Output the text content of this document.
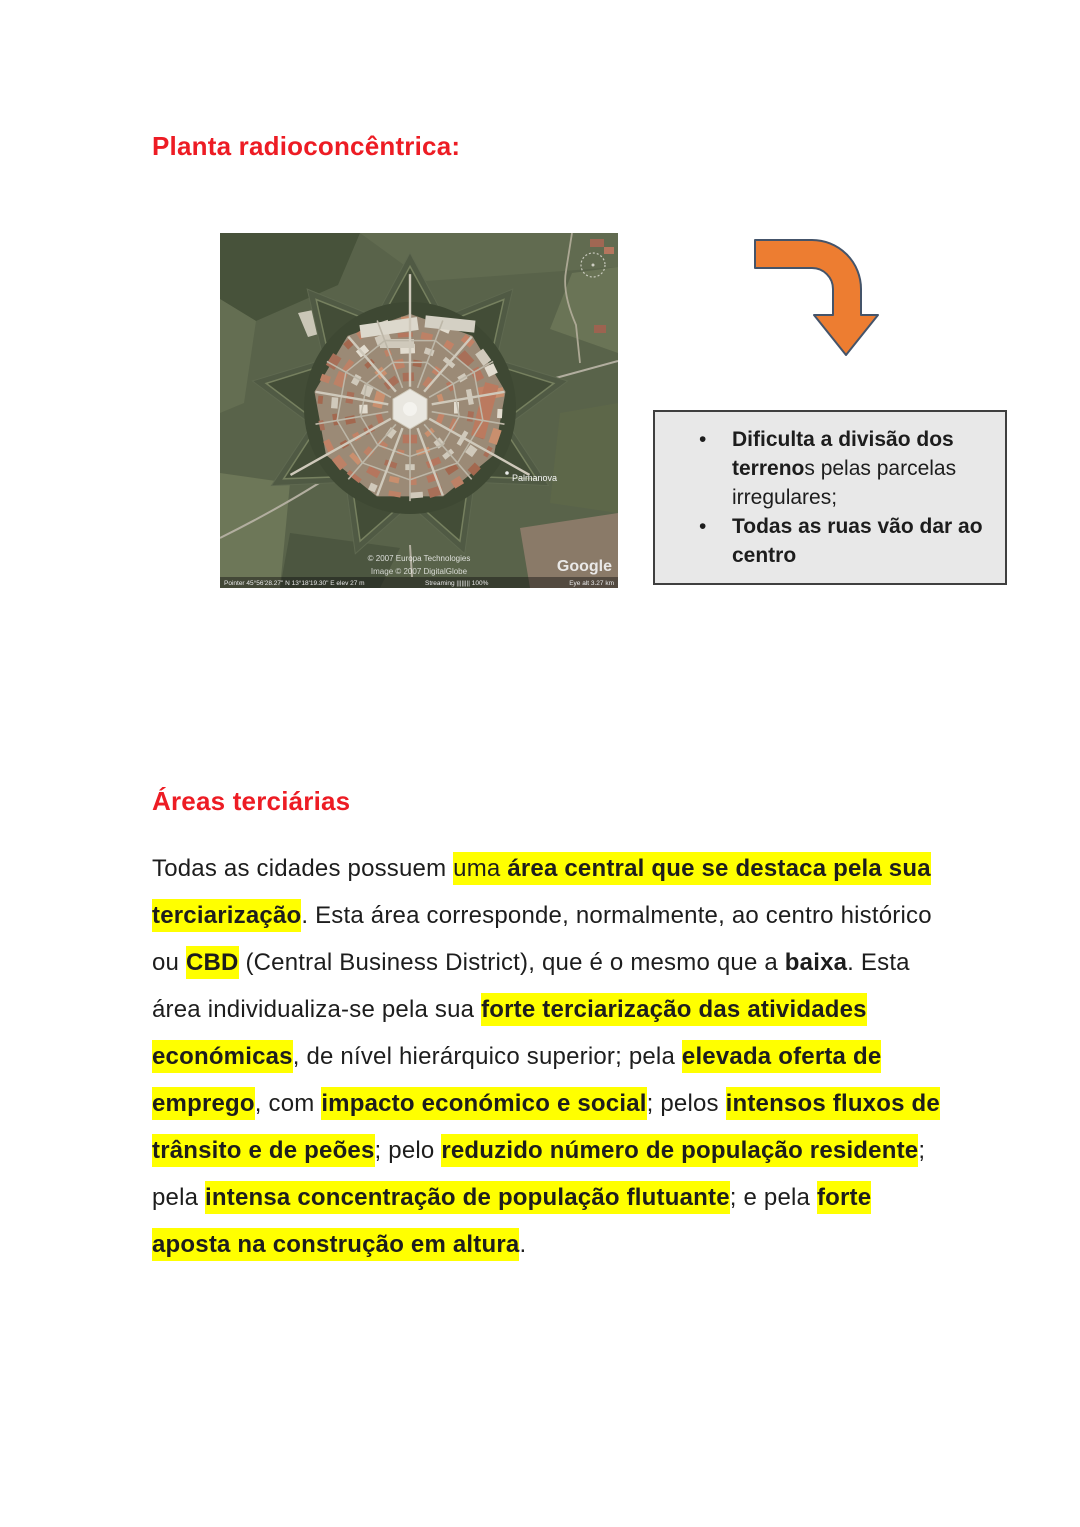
Planta radioconcêntrica:
Palmanova
© 2007 Europa Technologies
Image © 2007 DigitalGlobe	Google
Pointer 45°56'28.27" N 13°18'19.30" E elev 27 m	Streaming |||||||| 100%	Eye alt 3.27 km
•	Dificulta a divisão dos terrenos pelas parcelas irregulares;
•	Todas as ruas vão dar ao centro
Áreas terciárias
Todas as cidades possuem uma área central que se destaca pela sua terciarização. Esta área corresponde, normalmente, ao centro histórico ou CBD (Central Business District), que é o mesmo que a baixa. Esta área individualiza-se pela sua forte terciarização das atividades económicas, de nível hierárquico superior; pela elevada oferta de emprego, com impacto económico e social; pelos intensos fluxos de trânsito e de peões; pelo reduzido número de população residente; pela intensa concentração de população flutuante; e pela forte aposta na construção em altura.
